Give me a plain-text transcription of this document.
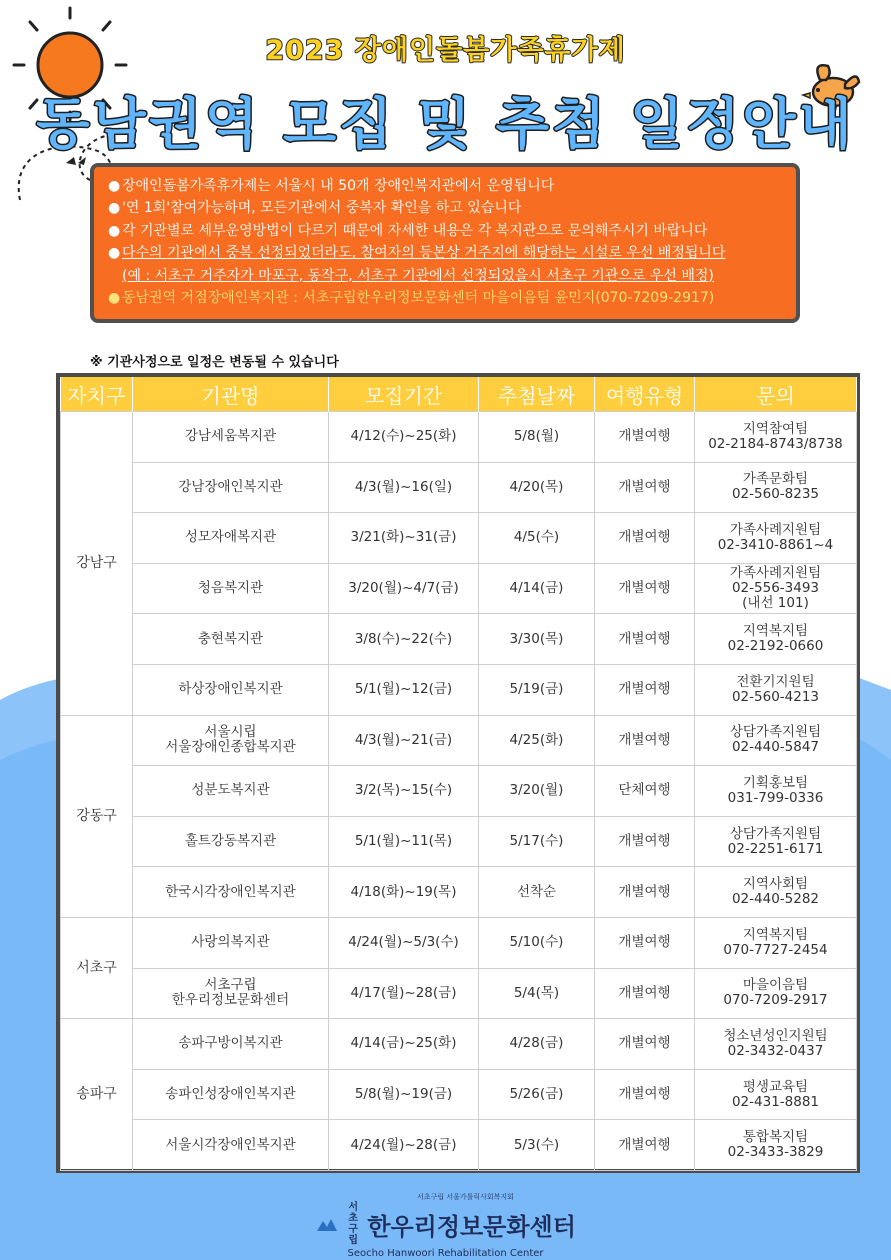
2023 장애인돌봄가족휴가제
동남권역 모집 및 추첨 일정안내
● 장애인돌봄가족휴가제는 서울시 내 50개 장애인복지관에서 운영됩니다
● '연 1회'참여가능하며, 모든기관에서 중복자 확인을 하고 있습니다
● 각 기관별로 세부운영방법이 다르기 때문에 자세한 내용은 각 복지관으로 문의해주시기 바랍니다
● 다수의 기관에서 중복 선정되었더라도, 참여자의 등본상 거주지에 해당하는 시설로 우선 배정됩니다
(예 : 서초구 거주자가 마포구, 동작구, 서초구 기관에서 선정되었을시 서초구 기관으로 우선 배정)
● 동남권역 거점장애인복지관 : 서초구립한우리정보문화센터 마을이음팀 윤민지(070-7209-2917)
※ 기관사정으로 일정은 변동될 수 있습니다
자치구	기관명	모집기간	추첨날짜	여행유형	문의
강남구	강남세움복지관	4/12(수)~25(화)	5/8(월)	개별여행	지역참여팀
02-2184-8743/8738
	강남장애인복지관	4/3(월)~16(일)	4/20(목)	개별여행	가족문화팀
02-560-8235
	성모자애복지관	3/21(화)~31(금)	4/5(수)	개별여행	가족사례지원팀
02-3410-8861~4
	청음복지관	3/20(월)~4/7(금)	4/14(금)	개별여행	가족사례지원팀
02-556-3493
(내선 101)
	충현복지관	3/8(수)~22(수)	3/30(목)	개별여행	지역복지팀
02-2192-0660
	하상장애인복지관	5/1(월)~12(금)	5/19(금)	개별여행	전환기지원팀
02-560-4213
강동구	서울시립
서울장애인종합복지관	4/3(월)~21(금)	4/25(화)	개별여행	상담가족지원팀
02-440-5847
	성분도복지관	3/2(목)~15(수)	3/20(월)	단체여행	기획홍보팀
031-799-0336
	홀트강동복지관	5/1(월)~11(목)	5/17(수)	개별여행	상담가족지원팀
02-2251-6171
	한국시각장애인복지관	4/18(화)~19(목)	선착순	개별여행	지역사회팀
02-440-5282
서초구	사랑의복지관	4/24(월)~5/3(수)	5/10(수)	개별여행	지역복지팀
070-7727-2454
	서초구립
한우리정보문화센터	4/17(월)~28(금)	5/4(목)	개별여행	마을이음팀
070-7209-2917
송파구	송파구방이복지관	4/14(금)~25(화)	4/28(금)	개별여행	청소년성인지원팀
02-3432-0437
	송파인성장애인복지관	5/8(월)~19(금)	5/26(금)	개별여행	평생교육팀
02-431-8881
	서울시각장애인복지관	4/24(월)~28(금)	5/3(수)	개별여행	통합복지팀
02-3433-3829
서초구립 서울가톨릭사회복지회
서초구립 한우리정보문화센터
Seocho Hanwoori Rehabilitation Center
